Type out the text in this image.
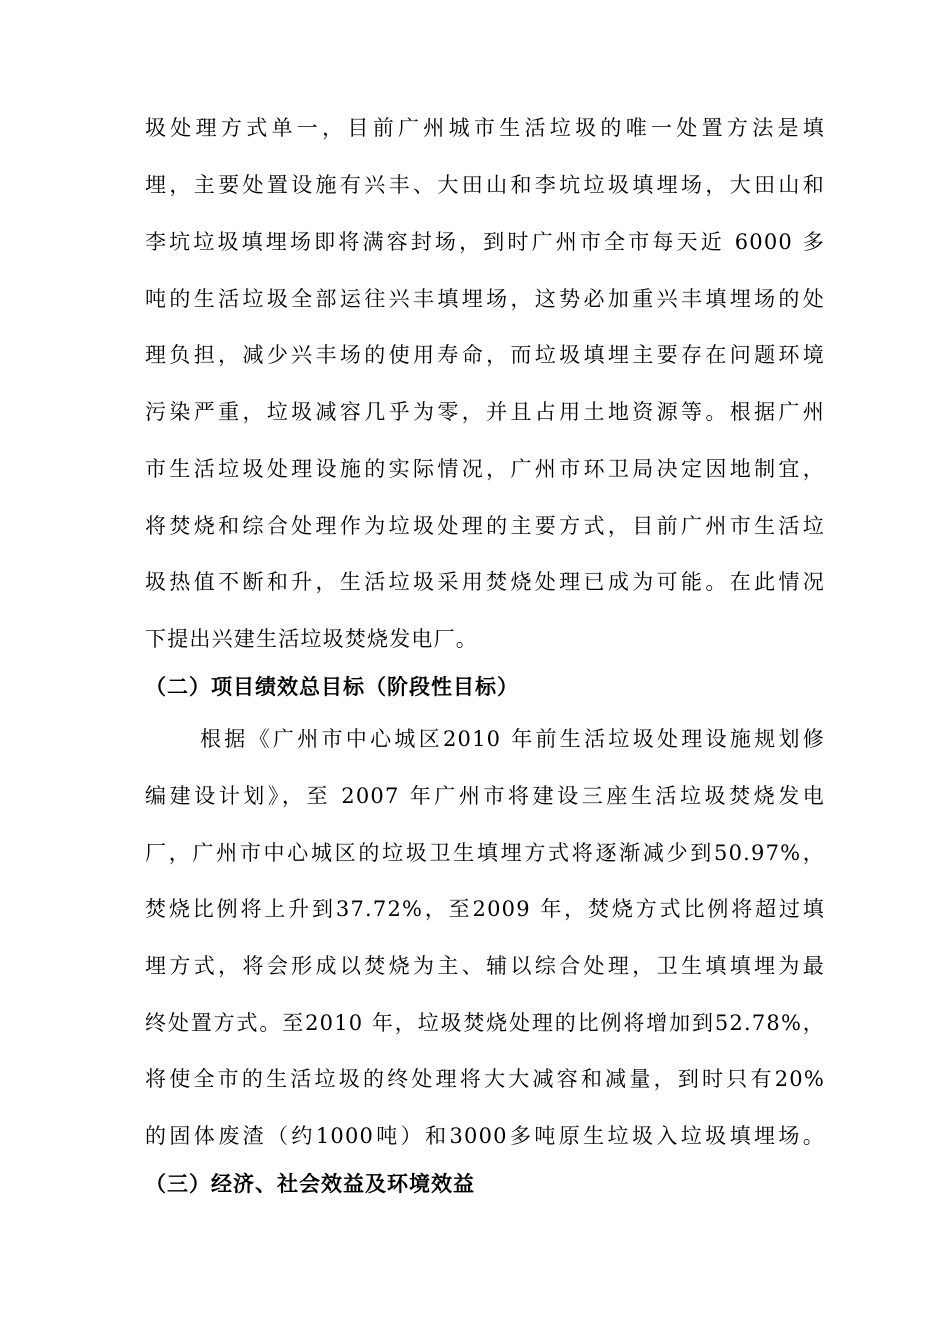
圾处理方式单一，目前广州城市生活垃圾的唯一处置方法是填
埋，主要处置设施有兴丰、大田山和李坑垃圾填埋场，大田山和
李坑垃圾填埋场即将满容封场，到时广州市全市每天近 6000 多
吨的生活垃圾全部运往兴丰填埋场，这势必加重兴丰填埋场的处
理负担，减少兴丰场的使用寿命，而垃圾填埋主要存在问题环境
污染严重，垃圾减容几乎为零，并且占用土地资源等。根据广州
市生活垃圾处理设施的实际情况，广州市环卫局决定因地制宜，
将焚烧和综合处理作为垃圾处理的主要方式，目前广州市生活垃
圾热值不断和升，生活垃圾采用焚烧处理已成为可能。在此情况
下提出兴建生活垃圾焚烧发电厂。
（二）项目绩效总目标（阶段性目标）
根据《广州市中心城区2010 年前生活垃圾处理设施规划修
编建设计划》，至 2007 年广州市将建设三座生活垃圾焚烧发电
厂，广州市中心城区的垃圾卫生填埋方式将逐渐减少到50.97%，
焚烧比例将上升到37.72%，至2009 年，焚烧方式比例将超过填
埋方式，将会形成以焚烧为主、辅以综合处理，卫生填填埋为最
终处置方式。至2010 年，垃圾焚烧处理的比例将增加到52.78%，
将使全市的生活垃圾的终处理将大大减容和减量，到时只有20%
的固体废渣（约1000吨）和3000多吨原生垃圾入垃圾填埋场。
（三）经济、社会效益及环境效益
